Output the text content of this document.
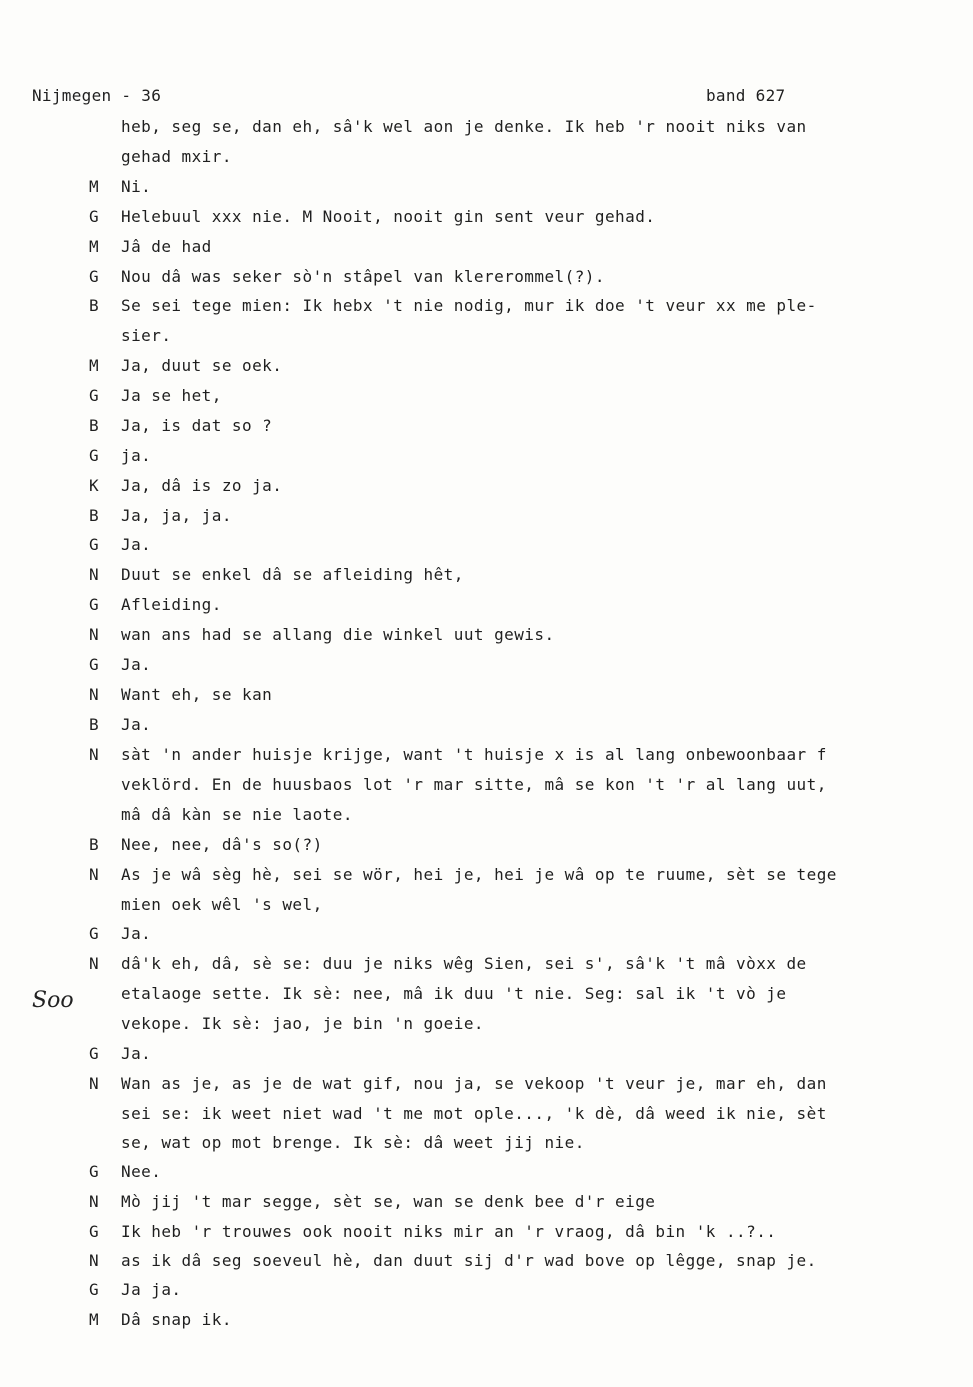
Nijmegen - 36	band 627
Soo
heb, seg se, dan eh, sâ'k wel aon je denke. Ik heb 'r nooit niks van
gehad mxir.
M	Ni.
G	Helebuul xxx nie. M Nooit, nooit gin sent veur gehad.
M	Jâ de had
G	Nou dâ was seker sò'n stâpel van klererommel(?).
B	Se sei tege mien: Ik hebx 't nie nodig, mur ik doe 't veur xx me ple-
sier.
M	Ja, duut se oek.
G	Ja se het,
B	Ja, is dat so ?
G	ja.
K	Ja, dâ is zo ja.
B	Ja, ja, ja.
G	Ja.
N	Duut se enkel dâ se afleiding hêt,
G	Afleiding.
N	wan ans had se allang die winkel uut gewis.
G	Ja.
N	Want eh, se kan
B	Ja.
N	sàt 'n ander huisje krijge, want 't huisje x is al lang onbewoonbaar f
veklörd. En de huusbaos lot 'r mar sitte, mâ se kon 't 'r al lang uut,
mâ dâ kàn se nie laote.
B	Nee, nee, dâ's so(?)
N	As je wâ sèg hè, sei se wör, hei je, hei je wâ op te ruume, sèt se tege
mien oek wêl 's wel,
G	Ja.
N	dâ'k eh, dâ, sè se: duu je niks wêg Sien, sei s', sâ'k 't mâ vòxx de
etalaoge sette. Ik sè: nee, mâ ik duu 't nie. Seg: sal ik 't vò je
vekope. Ik sè: jao, je bin 'n goeie.
G	Ja.
N	Wan as je, as je de wat gif, nou ja, se vekoop 't veur je, mar eh, dan
sei se: ik weet niet wad 't me mot ople..., 'k dè, dâ weed ik nie, sèt
se, wat op mot brenge. Ik sè: dâ weet jij nie.
G	Nee.
N	Mò jij 't mar segge, sèt se, wan se denk bee d'r eige
G	Ik heb 'r trouwes ook nooit niks mir an 'r vraog, dâ bin 'k ..?..
N	as ik dâ seg soeveul hè, dan duut sij d'r wad bove op lêgge, snap je.
G	Ja ja.
M	Dâ snap ik.
